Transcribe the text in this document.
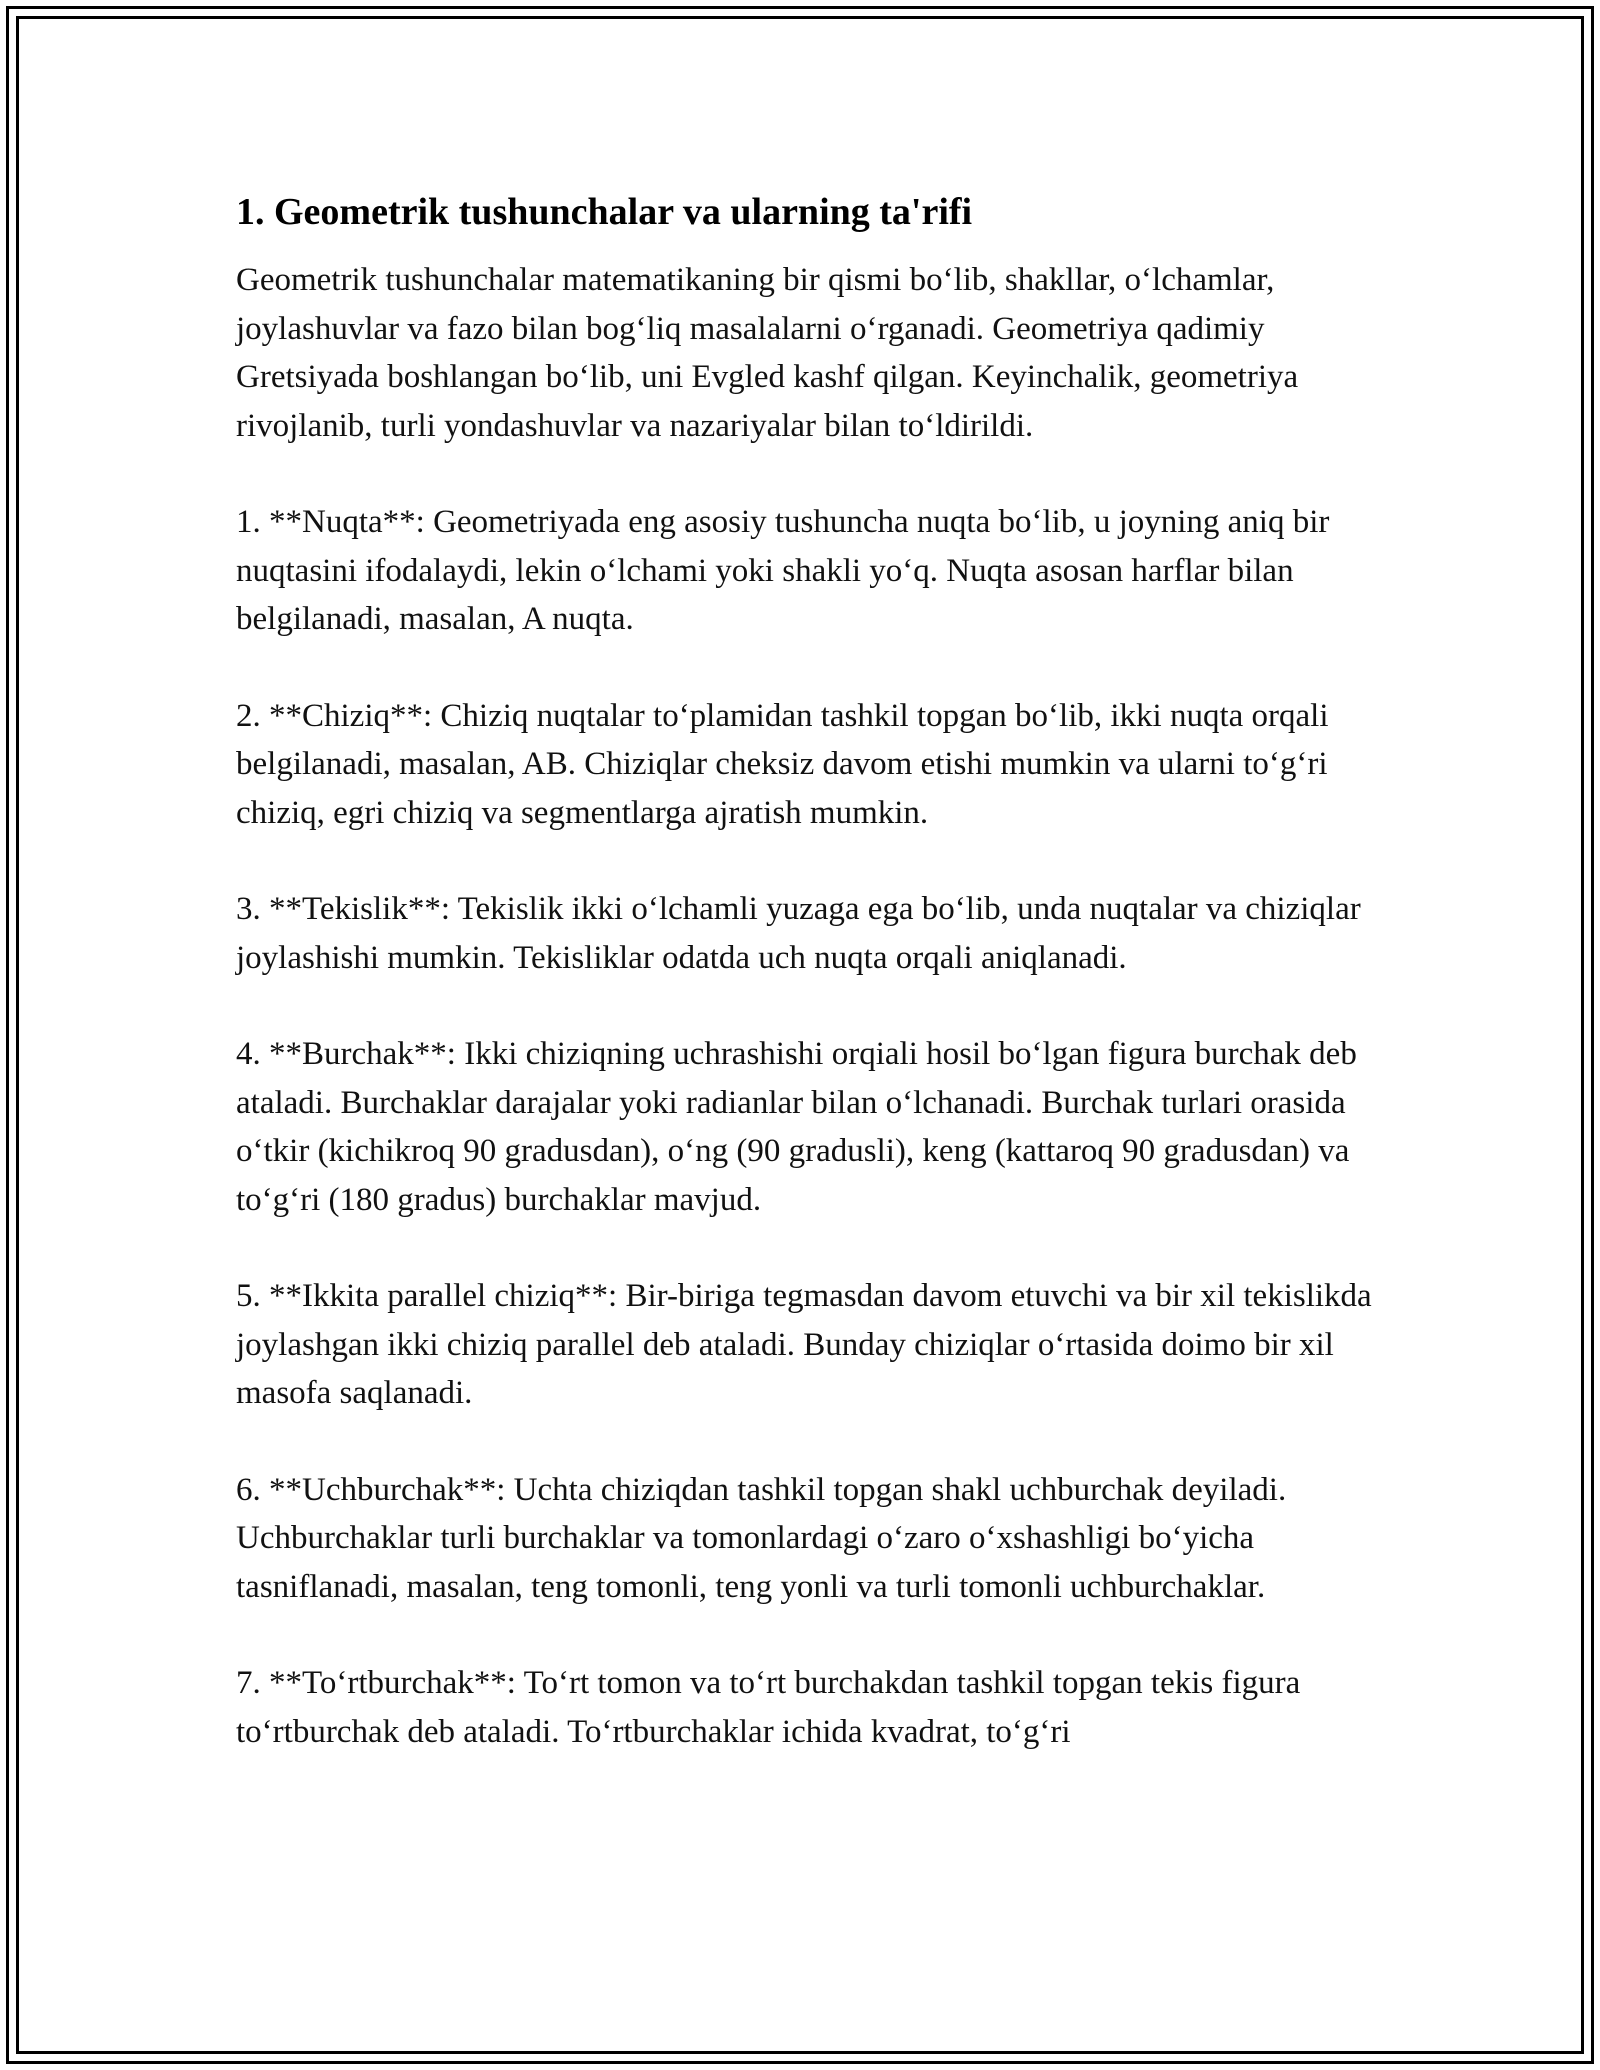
1. Geometrik tushunchalar va ularning ta'rifi

Geometrik tushunchalar matematikaning bir qismi boʻlib, shakllar, oʻlchamlar, joylashuvlar va fazo bilan bogʻliq masalalarni oʻrganadi. Geometriya qadimiy Gretsiyada boshlangan boʻlib, uni Evgled kashf qilgan. Keyinchalik, geometriya rivojlanib, turli yondashuvlar va nazariyalar bilan toʻldirildi.

1. **Nuqta**: Geometriyada eng asosiy tushuncha nuqta boʻlib, u joyning aniq bir nuqtasini ifodalaydi, lekin oʻlchami yoki shakli yoʻq. Nuqta asosan harflar bilan belgilanadi, masalan, A nuqta.

2. **Chiziq**: Chiziq nuqtalar toʻplamidan tashkil topgan boʻlib, ikki nuqta orqali belgilanadi, masalan, AB. Chiziqlar cheksiz davom etishi mumkin va ularni toʻgʻri chiziq, egri chiziq va segmentlarga ajratish mumkin.

3. **Tekislik**: Tekislik ikki oʻlchamli yuzaga ega boʻlib, unda nuqtalar va chiziqlar joylashishi mumkin. Tekisliklar odatda uch nuqta orqali aniqlanadi.

4. **Burchak**: Ikki chiziqning uchrashishi orqiali hosil boʻlgan figura burchak deb ataladi. Burchaklar darajalar yoki radianlar bilan oʻlchanadi. Burchak turlari orasida oʻtkir (kichikroq 90 gradusdan), oʻng (90 gradusli), keng (kattaroq 90 gradusdan) va toʻgʻri (180 gradus) burchaklar mavjud.

5. **Ikkita parallel chiziq**: Bir-biriga tegmasdan davom etuvchi va bir xil tekislikda joylashgan ikki chiziq parallel deb ataladi. Bunday chiziqlar oʻrtasida doimo bir xil masofa saqlanadi.

6. **Uchburchak**: Uchta chiziqdan tashkil topgan shakl uchburchak deyiladi. Uchburchaklar turli burchaklar va tomonlardagi oʻzaro oʻxshashligi boʻyicha tasniflanadi, masalan, teng tomonli, teng yonli va turli tomonli uchburchaklar.

7. **Toʻrtburchak**: Toʻrt tomon va toʻrt burchakdan tashkil topgan tekis figura toʻrtburchak deb ataladi. Toʻrtburchaklar ichida kvadrat, toʻgʻri
